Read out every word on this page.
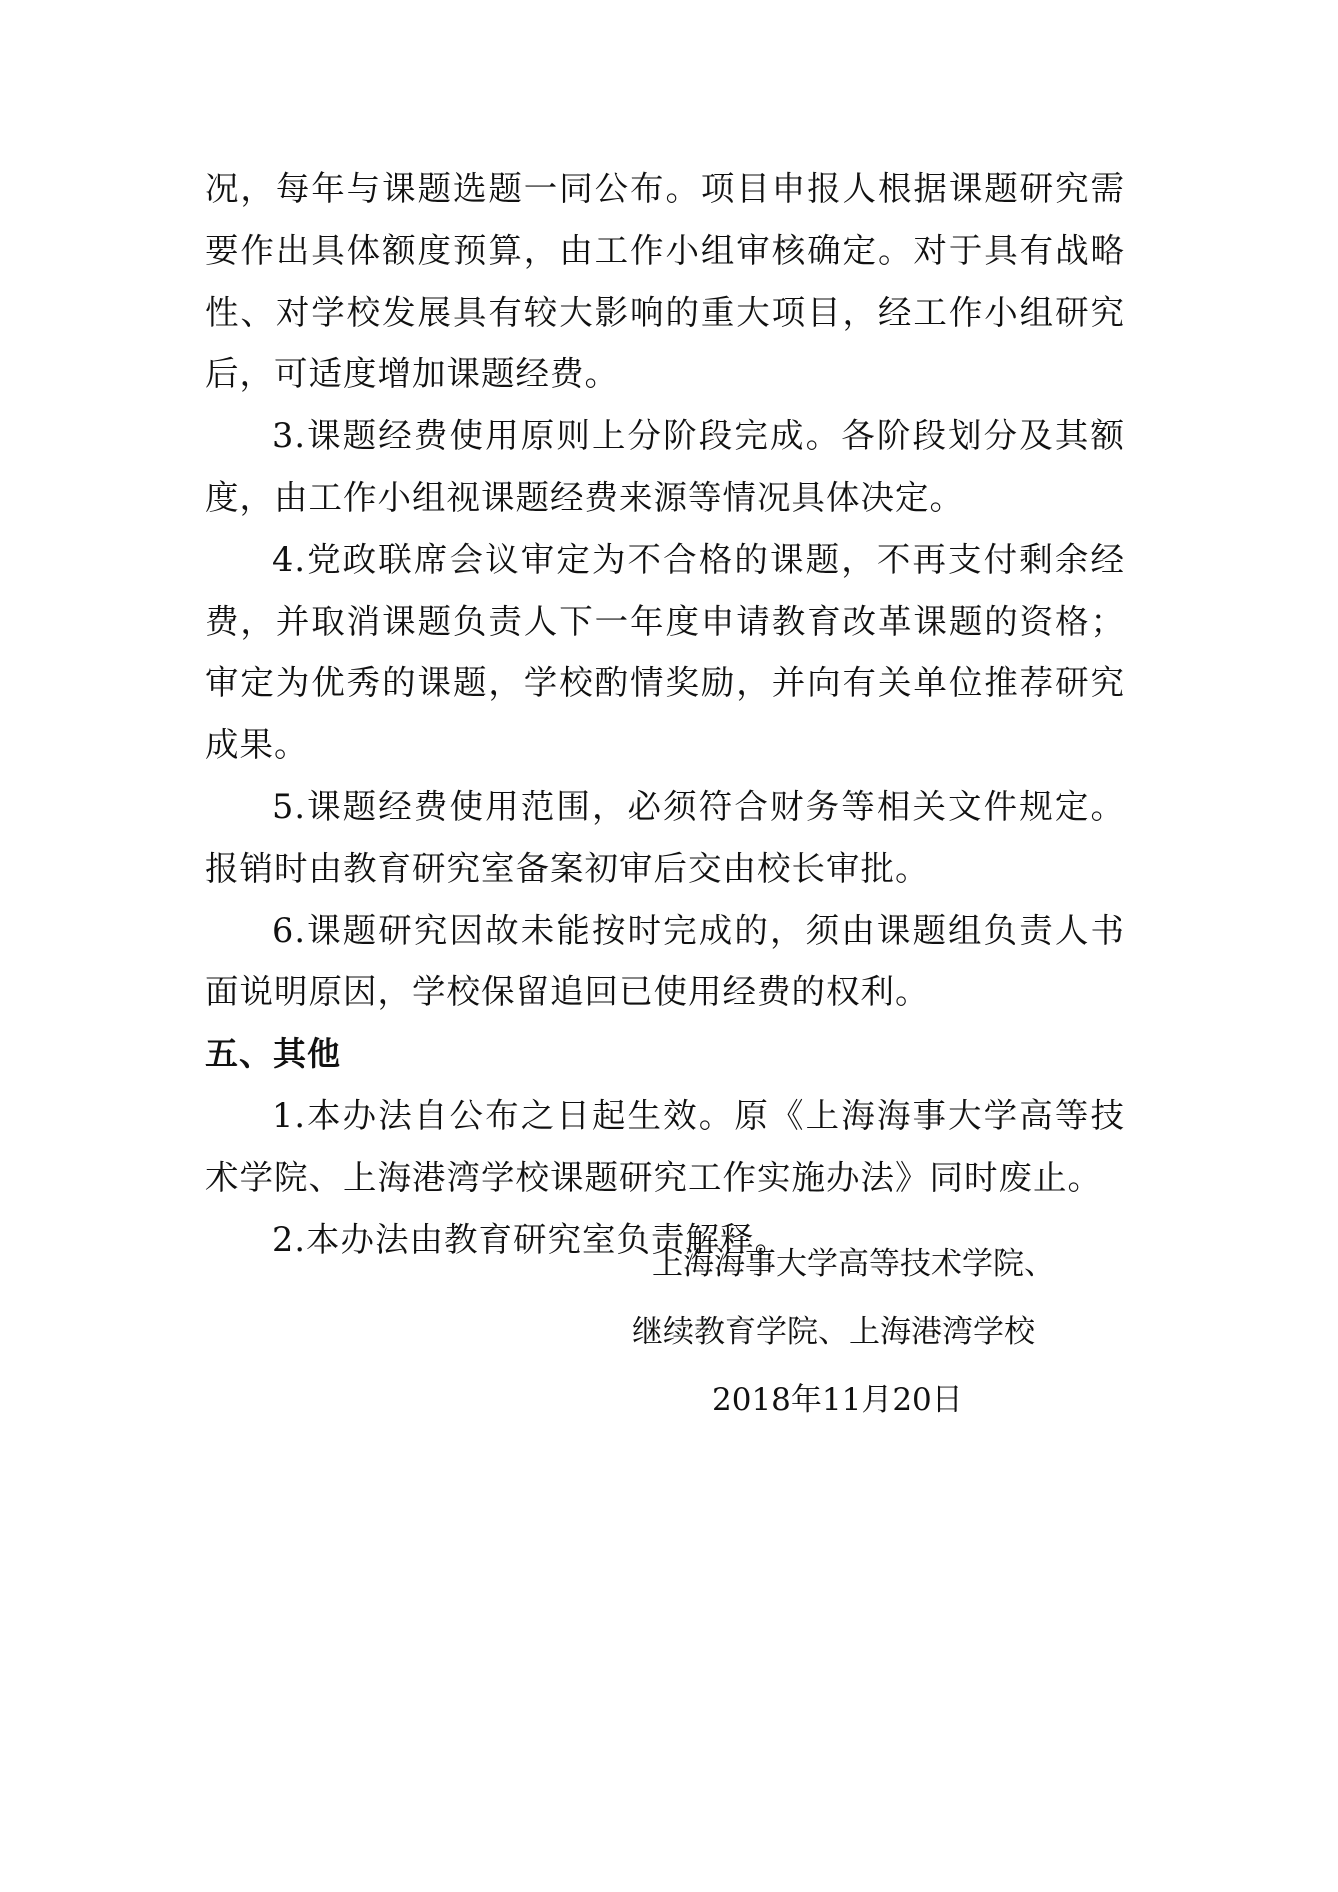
况，每年与课题选题一同公布。项目申报人根据课题研究需要作出具体额度预算，由工作小组审核确定。对于具有战略性、对学校发展具有较大影响的重大项目，经工作小组研究后，可适度增加课题经费。

3.课题经费使用原则上分阶段完成。各阶段划分及其额度，由工作小组视课题经费来源等情况具体决定。

4.党政联席会议审定为不合格的课题，不再支付剩余经费，并取消课题负责人下一年度申请教育改革课题的资格；审定为优秀的课题，学校酌情奖励，并向有关单位推荐研究成果。

5.课题经费使用范围，必须符合财务等相关文件规定。报销时由教育研究室备案初审后交由校长审批。

6.课题研究因故未能按时完成的，须由课题组负责人书面说明原因，学校保留追回已使用经费的权利。

五、其他

1.本办法自公布之日起生效。原《上海海事大学高等技术学院、上海港湾学校课题研究工作实施办法》同时废止。

2.本办法由教育研究室负责解释。

上海海事大学高等技术学院、
继续教育学院、上海港湾学校
2018年11月20日
